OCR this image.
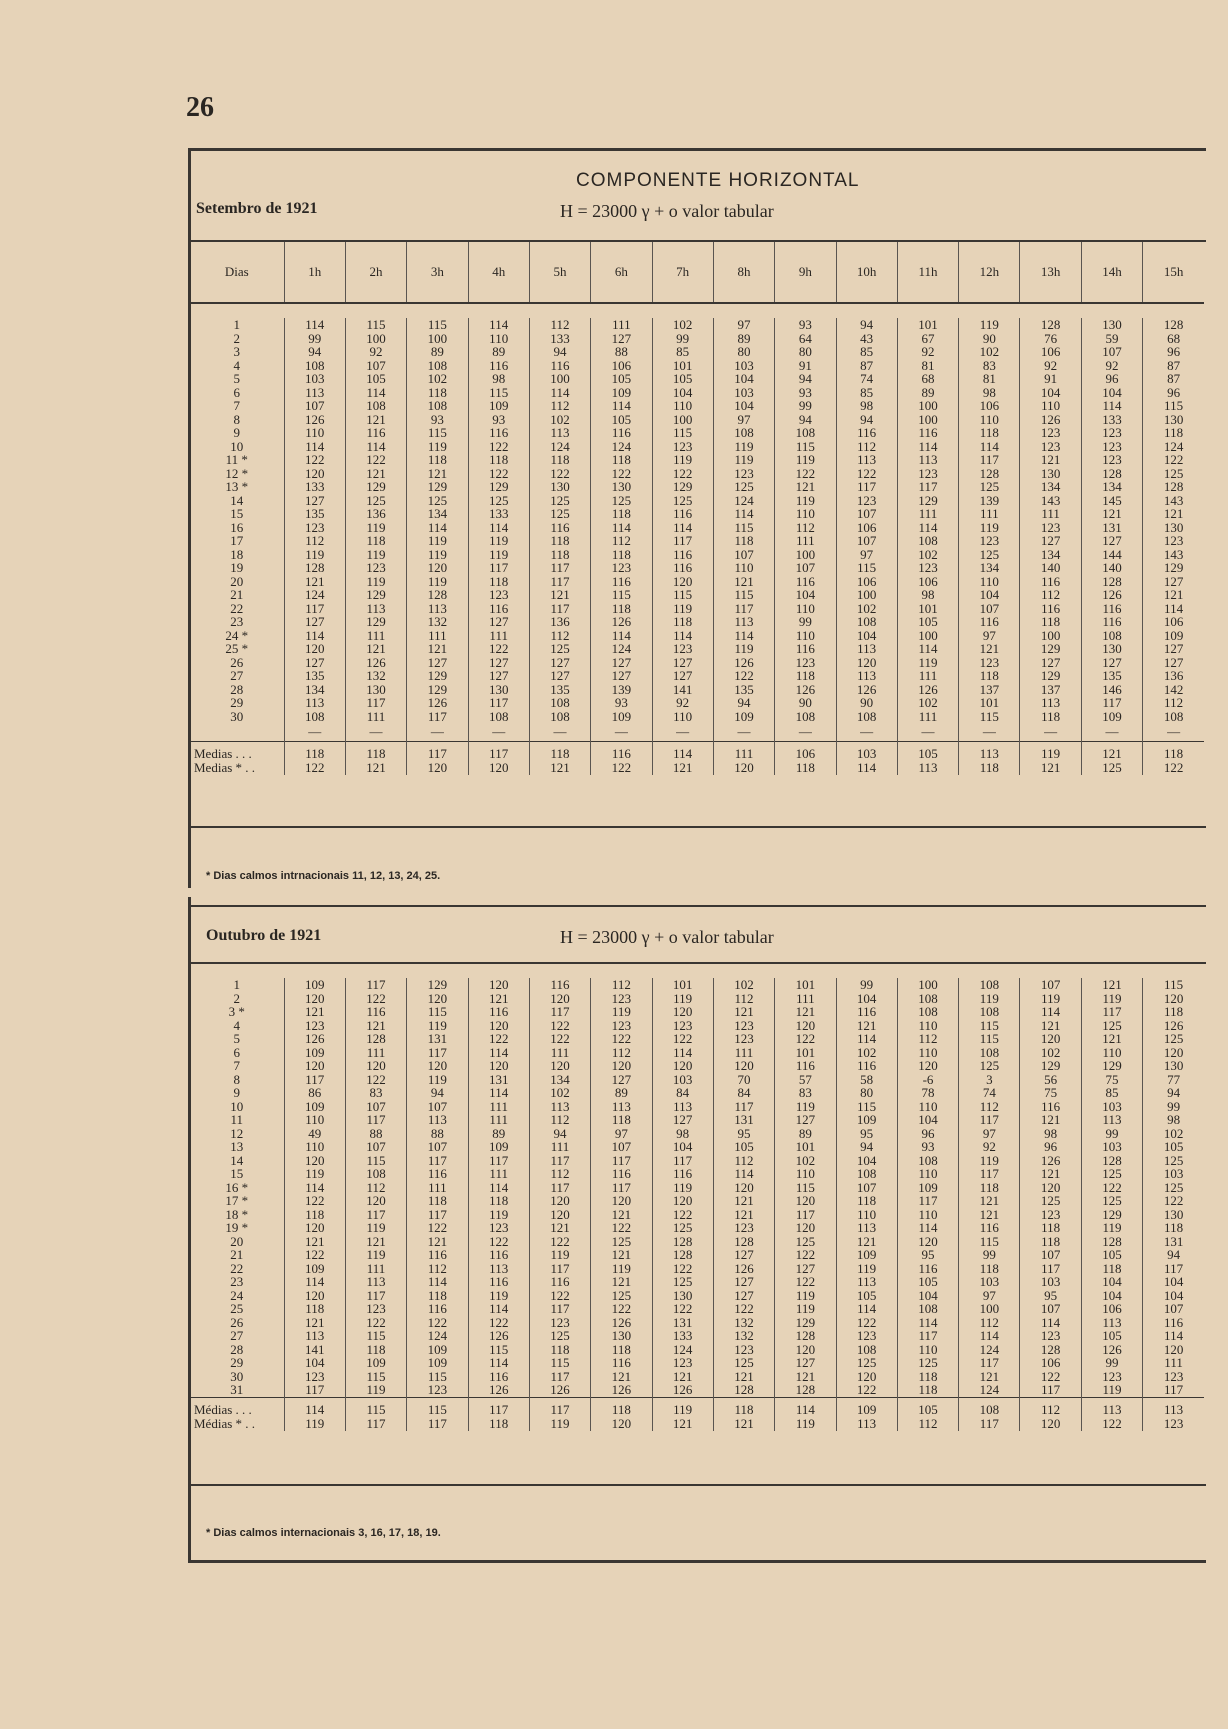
26
COMPONENTE HORIZONTAL
Setembro de 1921	H = 23000 γ + o valor tabular
Dias	1h	2h	3h	4h	5h	6h	7h	8h	9h	10h	11h	12h	13h	14h	15h

1	114	115	115	114	112	111	102	97	93	94	101	119	128	130	128
2	99	100	100	110	133	127	99	89	64	43	67	90	76	59	68
3	94	92	89	89	94	88	85	80	80	85	92	102	106	107	96
4	108	107	108	116	116	106	101	103	91	87	81	83	92	92	87
5	103	105	102	98	100	105	105	104	94	74	68	81	91	96	87
6	113	114	118	115	114	109	104	103	93	85	89	98	104	104	96
7	107	108	108	109	112	114	110	104	99	98	100	106	110	114	115
8	126	121	93	93	102	105	100	97	94	94	100	110	126	133	130
9	110	116	115	116	113	116	115	108	108	116	116	118	123	123	118
10	114	114	119	122	124	124	123	119	115	112	114	114	123	123	124
11 *	122	122	118	118	118	118	119	119	119	113	113	117	121	123	122
12 *	120	121	121	122	122	122	122	123	122	122	123	128	130	128	125
13 *	133	129	129	129	130	130	129	125	121	117	117	125	134	134	128
14	127	125	125	125	125	125	125	124	119	123	129	139	143	145	143
15	135	136	134	133	125	118	116	114	110	107	111	111	111	121	121
16	123	119	114	114	116	114	114	115	112	106	114	119	123	131	130
17	112	118	119	119	118	112	117	118	111	107	108	123	127	127	123
18	119	119	119	119	118	118	116	107	100	97	102	125	134	144	143
19	128	123	120	117	117	123	116	110	107	115	123	134	140	140	129
20	121	119	119	118	117	116	120	121	116	106	106	110	116	128	127
21	124	129	128	123	121	115	115	115	104	100	98	104	112	126	121
22	117	113	113	116	117	118	119	117	110	102	101	107	116	116	114
23	127	129	132	127	136	126	118	113	99	108	105	116	118	116	106
24 *	114	111	111	111	112	114	114	114	110	104	100	97	100	108	109
25 *	120	121	121	122	125	124	123	119	116	113	114	121	129	130	127
26	127	126	127	127	127	127	127	126	123	120	119	123	127	127	127
27	135	132	129	127	127	127	127	122	118	113	111	118	129	135	136
28	134	130	129	130	135	139	141	135	126	126	126	137	137	146	142
29	113	117	126	117	108	93	92	94	90	90	102	101	113	117	112
30	108	111	117	108	108	109	110	109	108	108	111	115	118	109	108
	—	—	—	—	—	—	—	—	—	—	—	—	—	—	—
Medias . . .	118	118	117	117	118	116	114	111	106	103	105	113	119	121	118
Medias * . .	122	121	120	120	121	122	121	120	118	114	113	118	121	125	122
* Dias calmos intrnacionais 11, 12, 13, 24, 25.
Outubro de 1921	H = 23000 γ + o valor tabular
1	109	117	129	120	116	112	101	102	101	99	100	108	107	121	115
2	120	122	120	121	120	123	119	112	111	104	108	119	119	119	120
3 *	121	116	115	116	117	119	120	121	121	116	108	108	114	117	118
4	123	121	119	120	122	123	123	123	120	121	110	115	121	125	126
5	126	128	131	122	122	122	122	123	122	114	112	115	120	121	125
6	109	111	117	114	111	112	114	111	101	102	110	108	102	110	120
7	120	120	120	120	120	120	120	120	116	116	120	125	129	129	130
8	117	122	119	131	134	127	103	70	57	58	-6	3	56	75	77
9	86	83	94	114	102	89	84	84	83	80	78	74	75	85	94
10	109	107	107	111	113	113	113	117	119	115	110	112	116	103	99
11	110	117	113	111	112	118	127	131	127	109	104	117	121	113	98
12	49	88	88	89	94	97	98	95	89	95	96	97	98	99	102
13	110	107	107	109	111	107	104	105	101	94	93	92	96	103	105
14	120	115	117	117	117	117	117	112	102	104	108	119	126	128	125
15	119	108	116	111	112	116	116	114	110	108	110	117	121	125	103
16 *	114	112	111	114	117	117	119	120	115	107	109	118	120	122	125
17 *	122	120	118	118	120	120	120	121	120	118	117	121	125	125	122
18 *	118	117	117	119	120	121	122	121	117	110	110	121	123	129	130
19 *	120	119	122	123	121	122	125	123	120	113	114	116	118	119	118
20	121	121	121	122	122	125	128	128	125	121	120	115	118	128	131
21	122	119	116	116	119	121	128	127	122	109	95	99	107	105	94
22	109	111	112	113	117	119	122	126	127	119	116	118	117	118	117
23	114	113	114	116	116	121	125	127	122	113	105	103	103	104	104
24	120	117	118	119	122	125	130	127	119	105	104	97	95	104	104
25	118	123	116	114	117	122	122	122	119	114	108	100	107	106	107
26	121	122	122	122	123	126	131	132	129	122	114	112	114	113	116
27	113	115	124	126	125	130	133	132	128	123	117	114	123	105	114
28	141	118	109	115	118	118	124	123	120	108	110	124	128	126	120
29	104	109	109	114	115	116	123	125	127	125	125	117	106	99	111
30	123	115	115	116	117	121	121	121	121	120	118	121	122	123	123
31	117	119	123	126	126	126	126	128	128	122	118	124	117	119	117
Médias . . .	114	115	115	117	117	118	119	118	114	109	105	108	112	113	113
Médias * . .	119	117	117	118	119	120	121	121	119	113	112	117	120	122	123
* Dias calmos internacionais 3, 16, 17, 18, 19.
